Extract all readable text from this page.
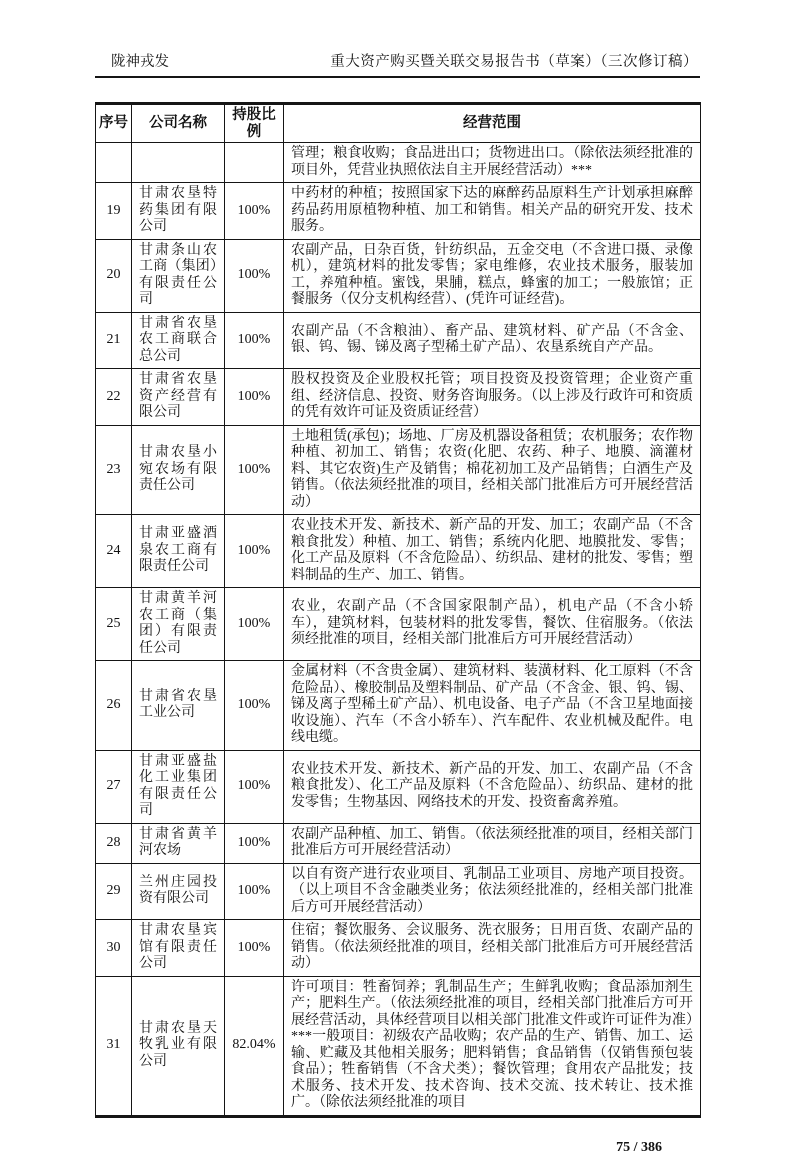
陇神戎发	重大资产购买暨关联交易报告书（草案）（三次修订稿）
序号	公司名称	持股比例	经营范围
			管理；粮食收购；食品进出口；货物进出口。（除依法须经批准的项目外，凭营业执照依法自主开展经营活动）***
19	甘肃农垦特药集团有限公司	100%	中药材的种植；按照国家下达的麻醉药品原料生产计划承担麻醉药品药用原植物种植、加工和销售。相关产品的研究开发、技术服务。
20	甘肃条山农工商（集团）有限责任公司	100%	农副产品，日杂百货，针纺织品，五金交电（不含进口摄、录像机），建筑材料的批发零售；家电维修，农业技术服务，服装加工，养殖种植。蜜饯，果脯，糕点，蜂蜜的加工；一般旅馆；正餐服务（仅分支机构经营）、(凭许可证经营)。
21	甘肃省农垦农工商联合总公司	100%	农副产品（不含粮油）、畜产品、建筑材料、矿产品（不含金、银、钨、锡、锑及离子型稀土矿产品）、农垦系统自产产品。
22	甘肃省农垦资产经营有限公司	100%	股权投资及企业股权托管；项目投资及投资管理；企业资产重组、经济信息、投资、财务咨询服务。（以上涉及行政许可和资质的凭有效许可证及资质证经营）
23	甘肃农垦小宛农场有限责任公司	100%	土地租赁(承包)；场地、厂房及机器设备租赁；农机服务；农作物种植、初加工、销售；农资(化肥、农药、种子、地膜、滴灌材料、其它农资)生产及销售；棉花初加工及产品销售；白酒生产及销售。（依法须经批准的项目，经相关部门批准后方可开展经营活动）
24	甘肃亚盛酒泉农工商有限责任公司	100%	农业技术开发、新技术、新产品的开发、加工；农副产品（不含粮食批发）种植、加工、销售；系统内化肥、地膜批发、零售；化工产品及原料（不含危险品）、纺织品、建材的批发、零售；塑料制品的生产、加工、销售。
25	甘肃黄羊河农工商（集团）有限责任公司	100%	农业，农副产品（不含国家限制产品），机电产品（不含小轿车），建筑材料，包装材料的批发零售，餐饮、住宿服务。（依法须经批准的项目，经相关部门批准后方可开展经营活动）
26	甘肃省农垦工业公司	100%	金属材料（不含贵金属）、建筑材料、装潢材料、化工原料（不含危险品）、橡胶制品及塑料制品、矿产品（不含金、银、钨、锡、锑及离子型稀土矿产品）、机电设备、电子产品（不含卫星地面接收设施）、汽车（不含小轿车）、汽车配件、农业机械及配件。电线电缆。
27	甘肃亚盛盐化工业集团有限责任公司	100%	农业技术开发、新技术、新产品的开发、加工、农副产品（不含粮食批发）、化工产品及原料（不含危险品）、纺织品、建材的批发零售；生物基因、网络技术的开发、投资畜禽养殖。
28	甘肃省黄羊河农场	100%	农副产品种植、加工、销售。（依法须经批准的项目，经相关部门批准后方可开展经营活动）
29	兰州庄园投资有限公司	100%	以自有资产进行农业项目、乳制品工业项目、房地产项目投资。（以上项目不含金融类业务；依法须经批准的，经相关部门批准后方可开展经营活动）
30	甘肃农垦宾馆有限责任公司	100%	住宿；餐饮服务、会议服务、洗衣服务；日用百货、农副产品的销售。（依法须经批准的项目，经相关部门批准后方可开展经营活动）
31	甘肃农垦天牧乳业有限公司	82.04%	许可项目：牲畜饲养；乳制品生产；生鲜乳收购；食品添加剂生产；肥料生产。（依法须经批准的项目，经相关部门批准后方可开展经营活动，具体经营项目以相关部门批准文件或许可证件为准）***一般项目：初级农产品收购；农产品的生产、销售、加工、运输、贮藏及其他相关服务；肥料销售；食品销售（仅销售预包装食品）；牲畜销售（不含犬类）；餐饮管理；食用农产品批发；技术服务、技术开发、技术咨询、技术交流、技术转让、技术推广。（除依法须经批准的项目
75 / 386
